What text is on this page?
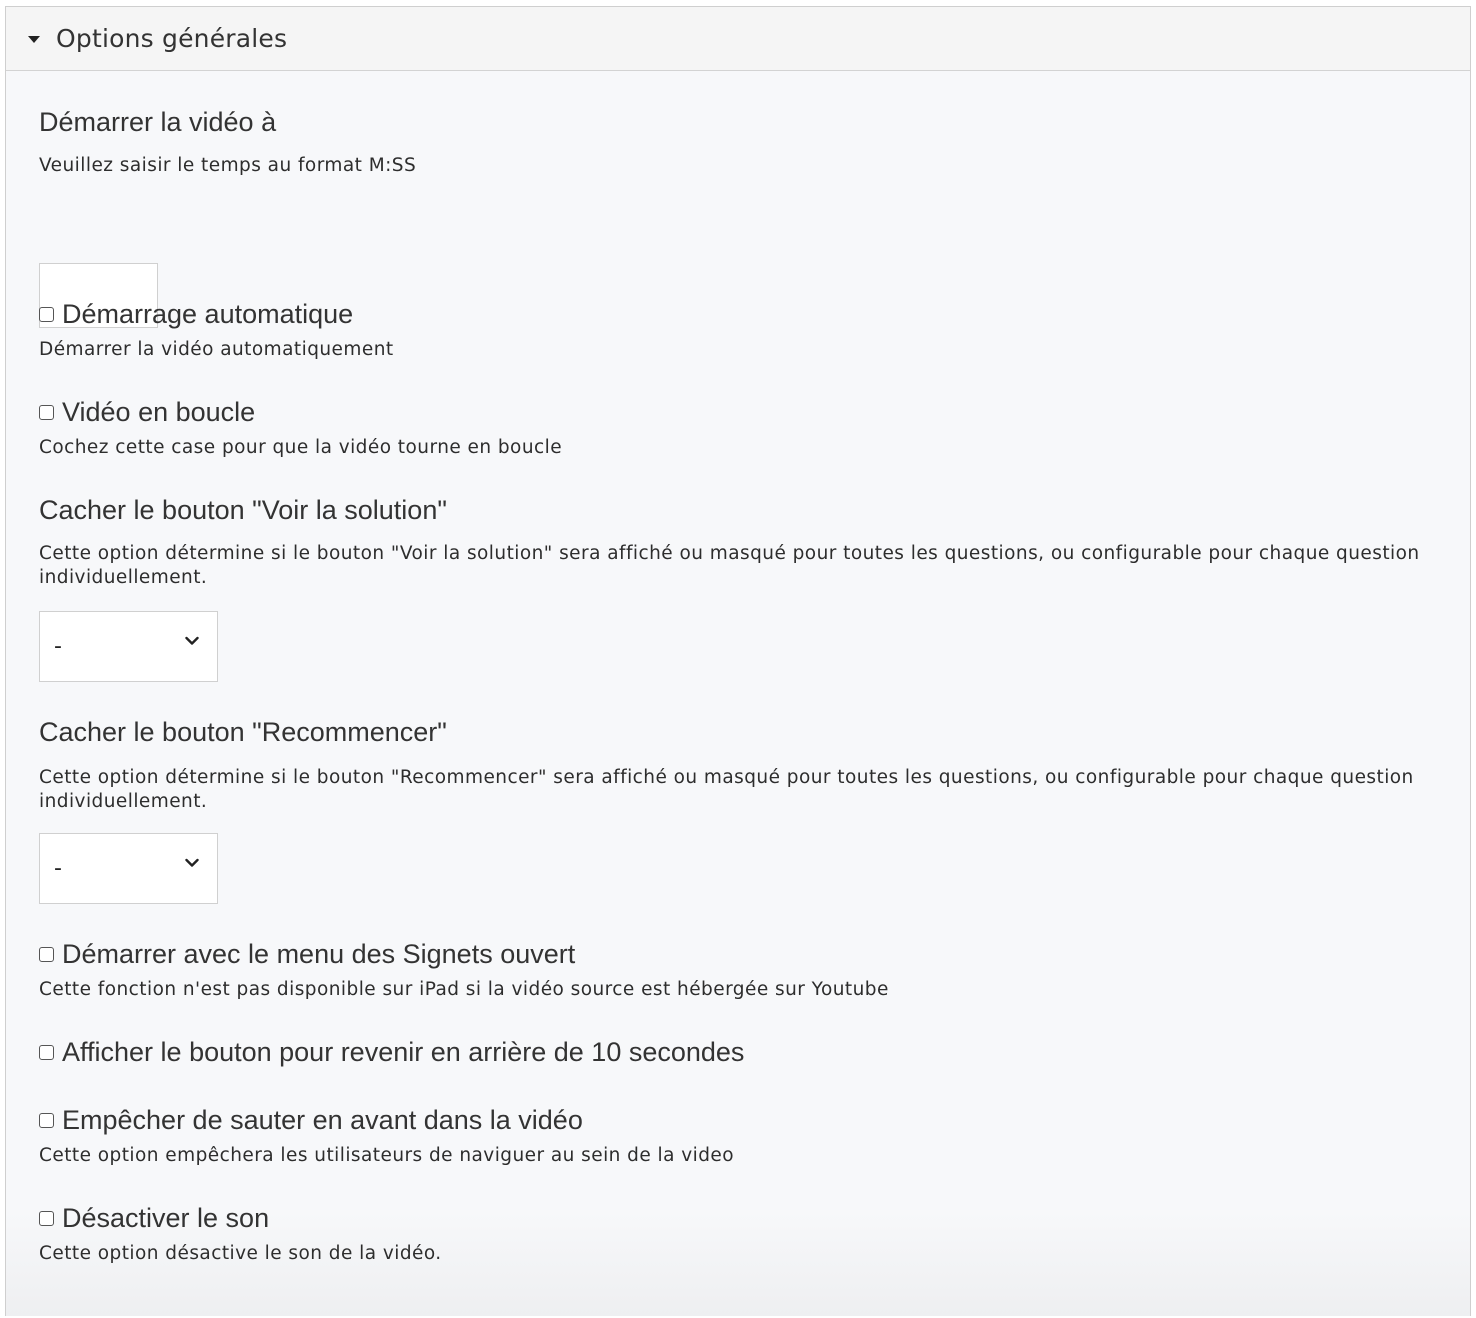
Options générales
Démarrer la vidéo à
Veuillez saisir le temps au format M:SS
Démarrage automatique
Démarrer la vidéo automatiquement
Vidéo en boucle
Cochez cette case pour que la vidéo tourne en boucle
Cacher le bouton "Voir la solution"
Cette option détermine si le bouton "Voir la solution" sera affiché ou masqué pour toutes les questions, ou configurable pour chaque question individuellement.
-
Cacher le bouton "Recommencer"
Cette option détermine si le bouton "Recommencer" sera affiché ou masqué pour toutes les questions, ou configurable pour chaque question individuellement.
-
Démarrer avec le menu des Signets ouvert
Cette fonction n'est pas disponible sur iPad si la vidéo source est hébergée sur Youtube
Afficher le bouton pour revenir en arrière de 10 secondes
Empêcher de sauter en avant dans la vidéo
Cette option empêchera les utilisateurs de naviguer au sein de la video
Désactiver le son
Cette option désactive le son de la vidéo.
